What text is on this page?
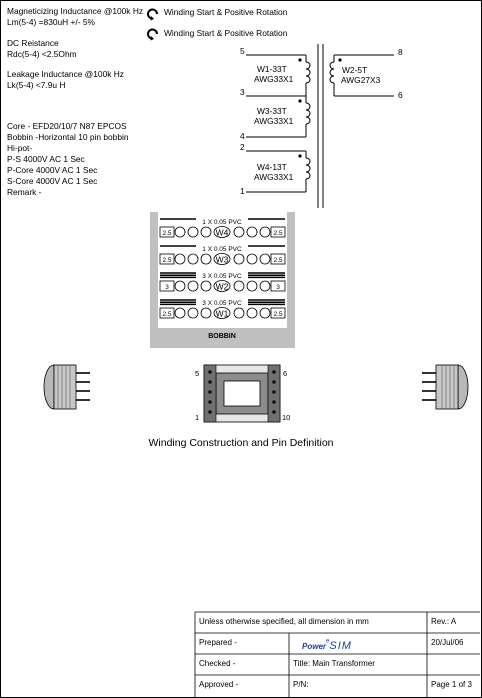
Magneticizing Inductance @100k Hz
Lm(5-4) =830uH +/- 5%
DC Reistance
Rdc(5-4) <2.5Ohm
Leakage Inductance @100k Hz
Lk(5-4) <7.9u H
Core - EFD20/10/7 N87 EPCOS
Bobbin -Horizontal 10 pin bobbin
Hi-pot-
P-S 4000V AC 1 Sec
P-Core 4000V AC 1 Sec
S-Core 4000V AC 1 Sec
Remark -
Winding Start & Positive Rotation
Winding Start & Positive Rotation
5
3
4
2
1
8
6
W1-33T
AWG33X1
W3-33T
AWG33X1
W4-13T
AWG33X1
W2-5T
AWG27X3
1 X 0.05 PVC
2.5	2.5
W4
1 X 0.05 PVC
2.5	2.5
W3
3 X 0.05 PVC
3	3
W2
3 X 0.05 PVC
2.5	2.5
W1
BOBBIN
5	6
1	10
Winding Construction and Pin Definition
Unless otherwise specified, all dimension in mm	Rev.: A
Prepared -	Power$^e$SIM	20/Jul/06
Checked -	Title: Main Transformer
Approved -	P/N:	Page 1 of 3
